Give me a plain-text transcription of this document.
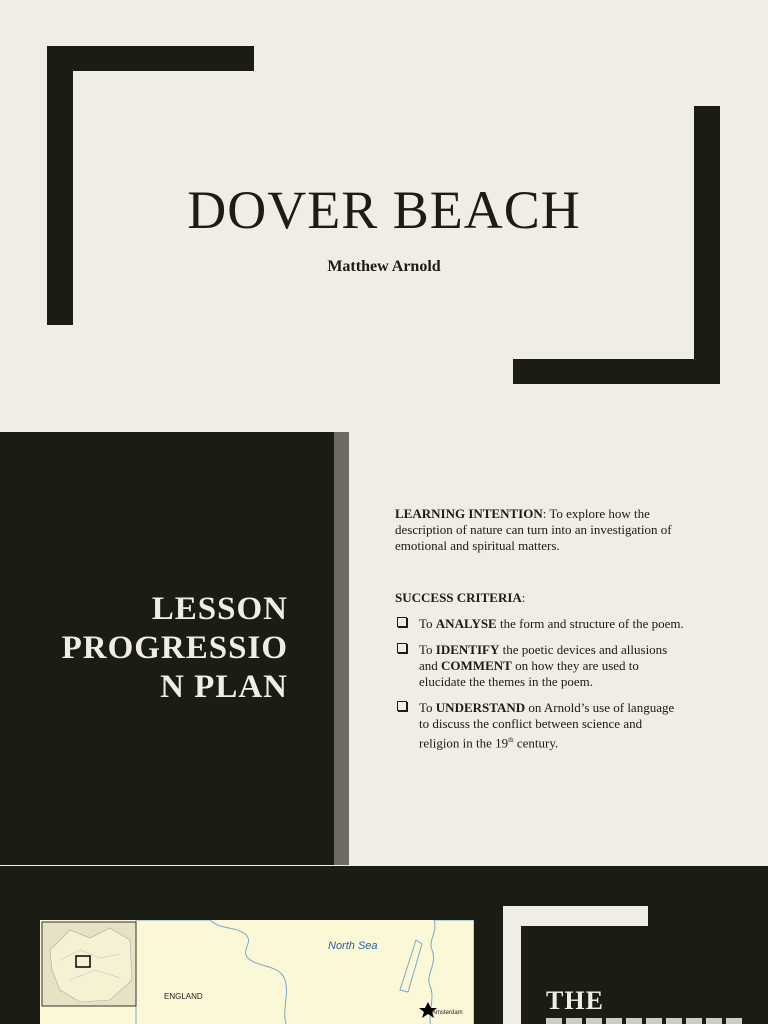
DOVER BEACH
Matthew Arnold
LESSON
PROGRESSIO
N PLAN
LEARNING INTENTION: To explore how the description of nature can turn into an investigation of emotional and spiritual matters.
SUCCESS CRITERIA:
To ANALYSE the form and structure of the poem.
To IDENTIFY the poetic devices and allusions and COMMENT on how they are used to elucidate the themes in the poem.
To UNDERSTAND on Arnold’s use of language to discuss the conflict between science and religion in the 19th century.
North Sea
ENGLAND
Amsterdam	THE
